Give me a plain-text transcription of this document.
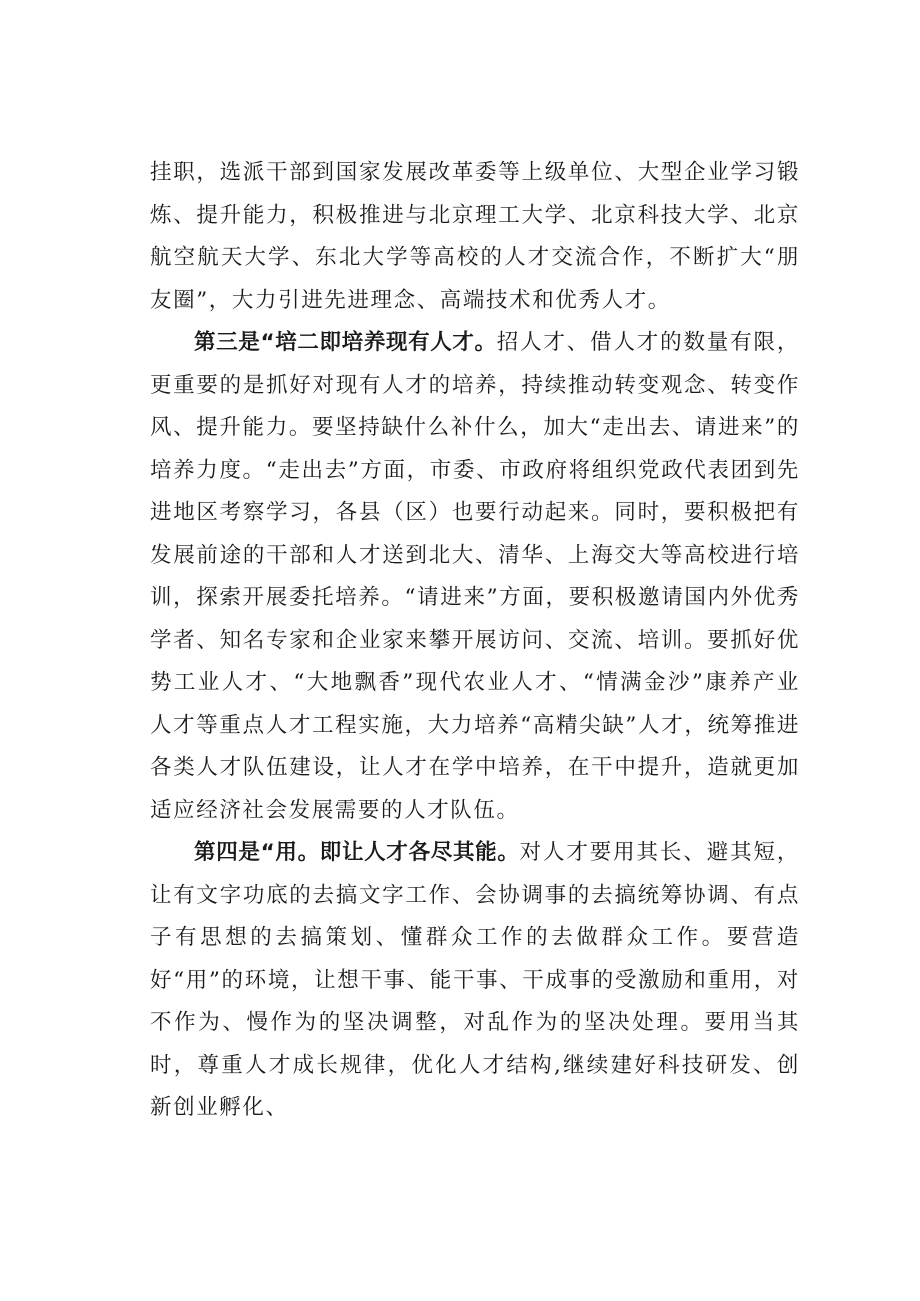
挂职，选派干部到国家发展改革委等上级单位、大型企业学习锻炼、提升能力，积极推进与北京理工大学、北京科技大学、北京航空航天大学、东北大学等高校的人才交流合作，不断扩大“朋友圈”，大力引进先进理念、高端技术和优秀人才。

第三是“培二即培养现有人才。招人才、借人才的数量有限，更重要的是抓好对现有人才的培养，持续推动转变观念、转变作风、提升能力。要坚持缺什么补什么，加大“走出去、请进来”的培养力度。“走出去”方面，市委、市政府将组织党政代表团到先进地区考察学习，各县（区）也要行动起来。同时，要积极把有发展前途的干部和人才送到北大、清华、上海交大等高校进行培训，探索开展委托培养。“请进来”方面，要积极邀请国内外优秀学者、知名专家和企业家来攀开展访问、交流、培训。要抓好优势工业人才、“大地飘香”现代农业人才、“情满金沙”康养产业人才等重点人才工程实施，大力培养“高精尖缺”人才，统筹推进各类人才队伍建设，让人才在学中培养，在干中提升，造就更加适应经济社会发展需要的人才队伍。

第四是“用。即让人才各尽其能。对人才要用其长、避其短，让有文字功底的去搞文字工作、会协调事的去搞统筹协调、有点子有思想的去搞策划、懂群众工作的去做群众工作。要营造好“用”的环境，让想干事、能干事、干成事的受激励和重用，对不作为、慢作为的坚决调整，对乱作为的坚决处理。要用当其时，尊重人才成长规律，优化人才结构,继续建好科技研发、创新创业孵化、
